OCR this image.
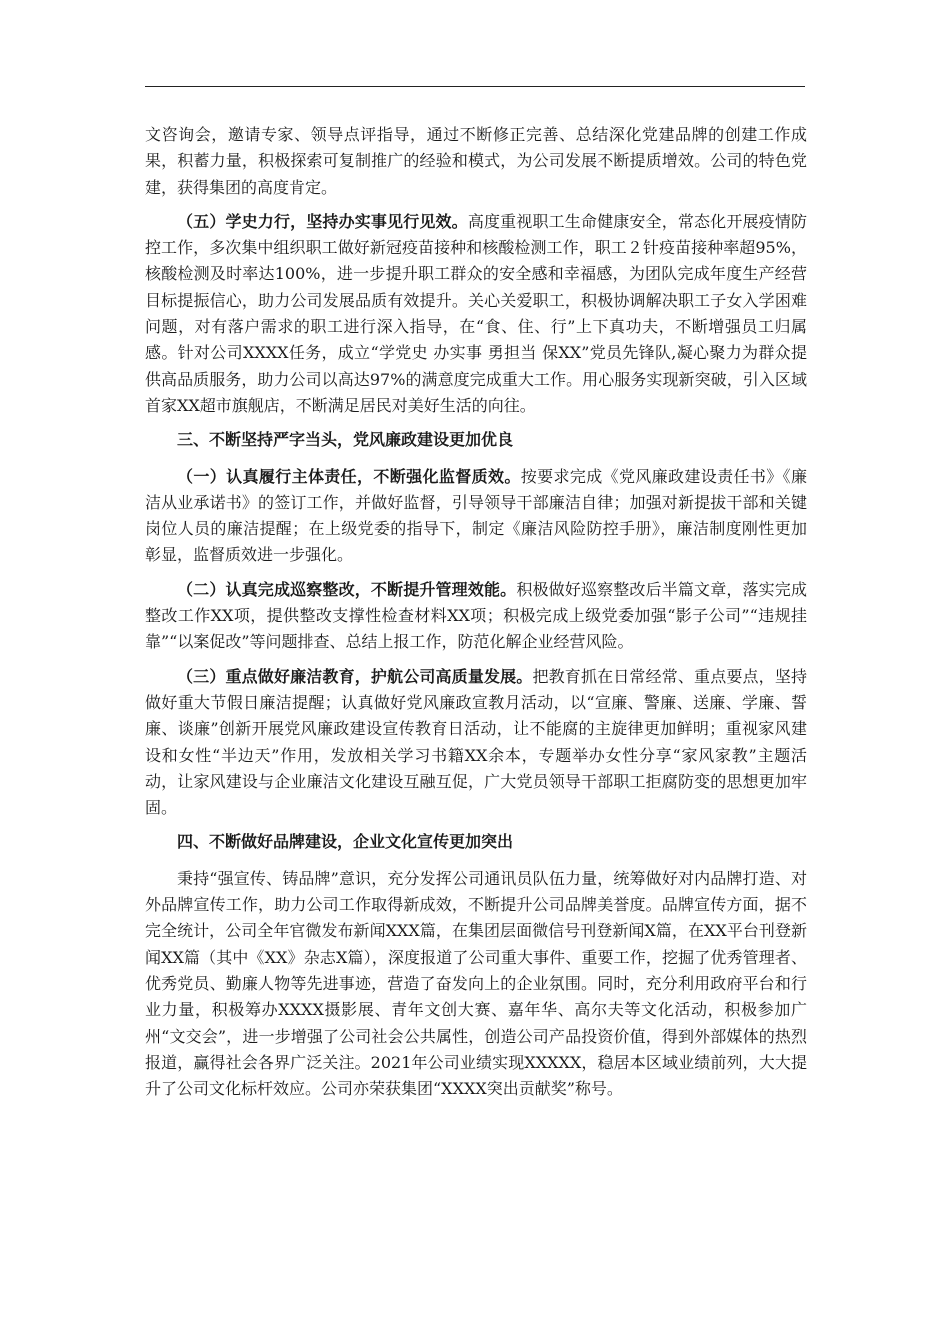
文咨询会，邀请专家、领导点评指导，通过不断修正完善、总结深化党建品牌的创建工作成果，积蓄力量，积极探索可复制推广的经验和模式，为公司发展不断提质增效。公司的特色党建，获得集团的高度肯定。

（五）学史力行，坚持办实事见行见效。高度重视职工生命健康安全，常态化开展疫情防控工作，多次集中组织职工做好新冠疫苗接种和核酸检测工作，职工２针疫苗接种率超95%，核酸检测及时率达100%，进一步提升职工群众的安全感和幸福感，为团队完成年度生产经营目标提振信心，助力公司发展品质有效提升。关心关爱职工，积极协调解决职工子女入学困难问题，对有落户需求的职工进行深入指导，在“食、住、行”上下真功夫，不断增强员工归属感。针对公司XXXX任务，成立“学党史 办实事 勇担当 保XX”党员先锋队,凝心聚力为群众提供高品质服务，助力公司以高达97%的满意度完成重大工作。用心服务实现新突破，引入区域首家XX超市旗舰店，不断满足居民对美好生活的向往。

三、不断坚持严字当头，党风廉政建设更加优良

（一）认真履行主体责任，不断强化监督质效。按要求完成《党风廉政建设责任书》《廉洁从业承诺书》的签订工作，并做好监督，引导领导干部廉洁自律；加强对新提拔干部和关键岗位人员的廉洁提醒；在上级党委的指导下，制定《廉洁风险防控手册》，廉洁制度刚性更加彰显，监督质效进一步强化。

（二）认真完成巡察整改，不断提升管理效能。积极做好巡察整改后半篇文章，落实完成整改工作XX项，提供整改支撑性检查材料XX项；积极完成上级党委加强“影子公司”“违规挂靠”“以案促改”等问题排查、总结上报工作，防范化解企业经营风险。

（三）重点做好廉洁教育，护航公司高质量发展。把教育抓在日常经常、重点要点，坚持做好重大节假日廉洁提醒；认真做好党风廉政宣教月活动，以“宣廉、警廉、送廉、学廉、誓廉、谈廉”创新开展党风廉政建设宣传教育日活动，让不能腐的主旋律更加鲜明；重视家风建设和女性“半边天”作用，发放相关学习书籍XX余本，专题举办女性分享“家风家教”主题活动，让家风建设与企业廉洁文化建设互融互促，广大党员领导干部职工拒腐防变的思想更加牢固。

四、不断做好品牌建设，企业文化宣传更加突出

秉持“强宣传、铸品牌”意识，充分发挥公司通讯员队伍力量，统筹做好对内品牌打造、对外品牌宣传工作，助力公司工作取得新成效，不断提升公司品牌美誉度。品牌宣传方面，据不完全统计，公司全年官微发布新闻XXX篇，在集团层面微信号刊登新闻X篇，在XX平台刊登新闻XX篇（其中《XX》杂志X篇），深度报道了公司重大事件、重要工作，挖掘了优秀管理者、优秀党员、勤廉人物等先进事迹，营造了奋发向上的企业氛围。同时，充分利用政府平台和行业力量，积极筹办XXXX摄影展、青年文创大赛、嘉年华、高尔夫等文化活动，积极参加广州“文交会”，进一步增强了公司社会公共属性，创造公司产品投资价值，得到外部媒体的热烈报道，赢得社会各界广泛关注。2021年公司业绩实现XXXXX，稳居本区域业绩前列，大大提升了公司文化标杆效应。公司亦荣获集团“XXXX突出贡献奖”称号。
